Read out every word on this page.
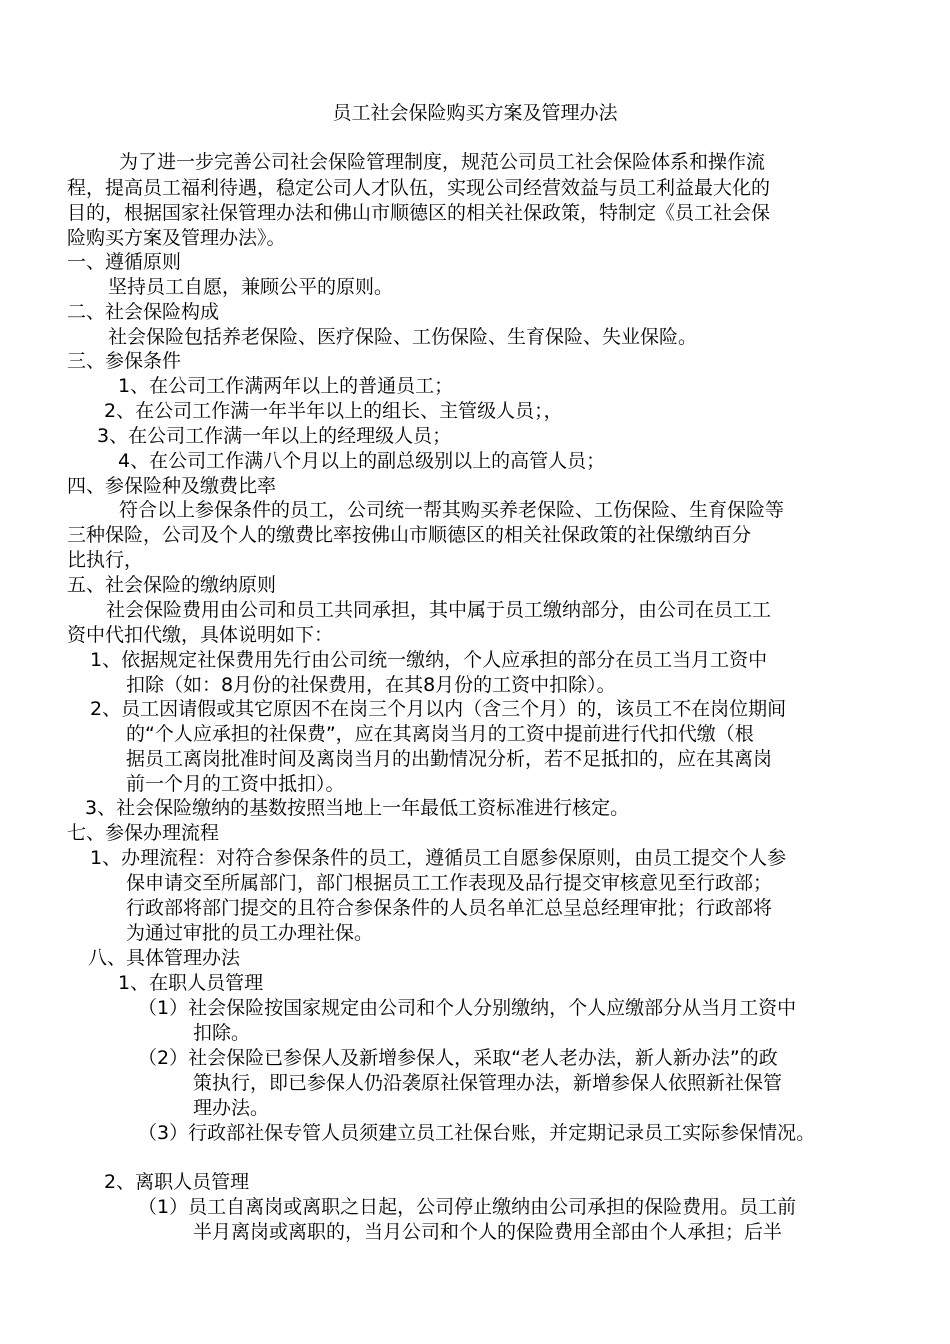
员工社会保险购买方案及管理办法
为了进一步完善公司社会保险管理制度，规范公司员工社会保险体系和操作流
程，提高员工福利待遇，稳定公司人才队伍，实现公司经营效益与员工利益最大化的
目的，根据国家社保管理办法和佛山市顺德区的相关社保政策，特制定《员工社会保
险购买方案及管理办法》。
一、遵循原则
坚持员工自愿，兼顾公平的原则。
二、社会保险构成
社会保险包括养老保险、医疗保险、工伤保险、生育保险、失业保险。
三、参保条件
1、在公司工作满两年以上的普通员工；
2、在公司工作满一年半年以上的组长、主管级人员；，
3、在公司工作满一年以上的经理级人员；
4、在公司工作满八个月以上的副总级别以上的高管人员；
四、参保险种及缴费比率
符合以上参保条件的员工，公司统一帮其购买养老保险、工伤保险、生育保险等
三种保险，公司及个人的缴费比率按佛山市顺德区的相关社保政策的社保缴纳百分
比执行，
五、社会保险的缴纳原则
社会保险费用由公司和员工共同承担，其中属于员工缴纳部分，由公司在员工工
资中代扣代缴，具体说明如下：
1、依据规定社保费用先行由公司统一缴纳，个人应承担的部分在员工当月工资中
扣除（如：8月份的社保费用，在其8月份的工资中扣除）。
2、员工因请假或其它原因不在岗三个月以内（含三个月）的，该员工不在岗位期间
的“个人应承担的社保费”，应在其离岗当月的工资中提前进行代扣代缴（根
据员工离岗批准时间及离岗当月的出勤情况分析，若不足抵扣的，应在其离岗
前一个月的工资中抵扣）。
3、社会保险缴纳的基数按照当地上一年最低工资标准进行核定。
七、参保办理流程
1、办理流程：对符合参保条件的员工，遵循员工自愿参保原则，由员工提交个人参
保申请交至所属部门，部门根据员工工作表现及品行提交审核意见至行政部；
行政部将部门提交的且符合参保条件的人员名单汇总呈总经理审批；行政部将
为通过审批的员工办理社保。
八、具体管理办法
1、在职人员管理
（1）社会保险按国家规定由公司和个人分别缴纳，个人应缴部分从当月工资中
扣除。
（2）社会保险已参保人及新增参保人，采取“老人老办法，新人新办法”的政
策执行，即已参保人仍沿袭原社保管理办法，新增参保人依照新社保管
理办法。
（3）行政部社保专管人员须建立员工社保台账，并定期记录员工实际参保情况。
2、离职人员管理
（1）员工自离岗或离职之日起，公司停止缴纳由公司承担的保险费用。员工前
半月离岗或离职的，当月公司和个人的保险费用全部由个人承担；后半
